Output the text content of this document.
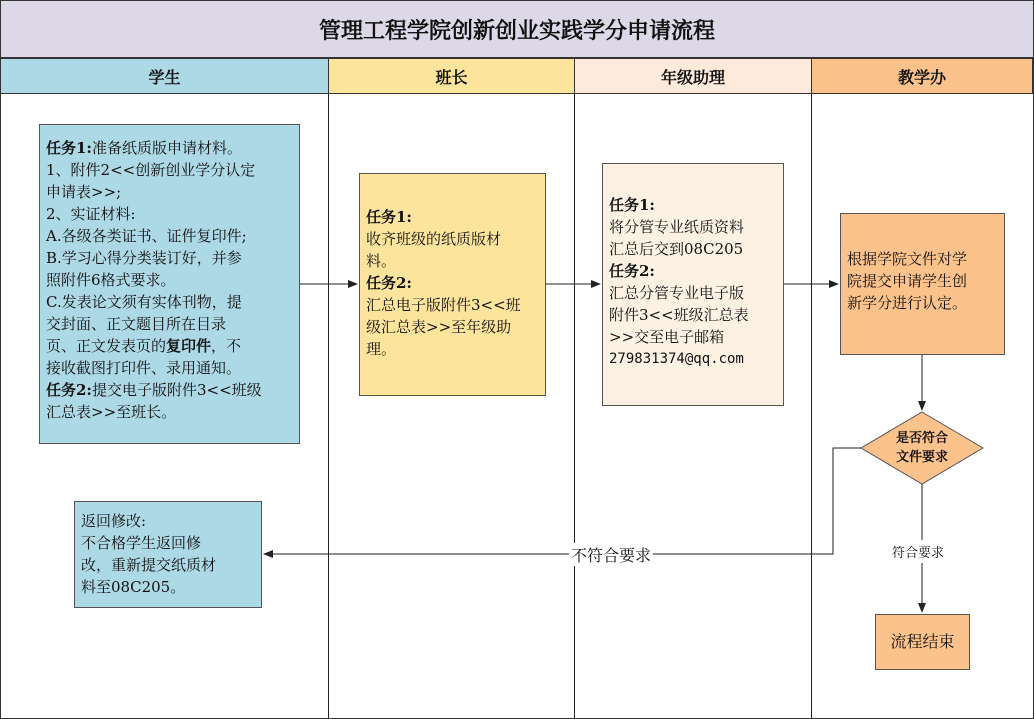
管理工程学院创新创业实践学分申请流程
学生	班长	年级助理	教学办
任务1:准备纸质版申请材料。
1、附件2<<创新创业学分认定
申请表>>;
2、实证材料:
A.各级各类证书、证件复印件;
B.学习心得分类装订好，并参
照附件6格式要求。
C.发表论文须有实体刊物，提
交封面、正文题目所在目录
页、正文发表页的复印件，不
接收截图打印件、录用通知。
任务2:提交电子版附件3<<班级
汇总表>>至班长。
任务1:
收齐班级的纸质版材
料。
任务2:
汇总电子版附件3<<班
级汇总表>>至年级助
理。
任务1:
将分管专业纸质资料
汇总后交到08C205
任务2:
汇总分管专业电子版
附件3<<班级汇总表
>>交至电子邮箱
279831374@qq.com
根据学院文件对学
院提交申请学生创
新学分进行认定。
返回修改:
不合格学生返回修
改，重新提交纸质材
料至08C205。
流程结束
是否符合
文件要求
不符合要求	符合要求
